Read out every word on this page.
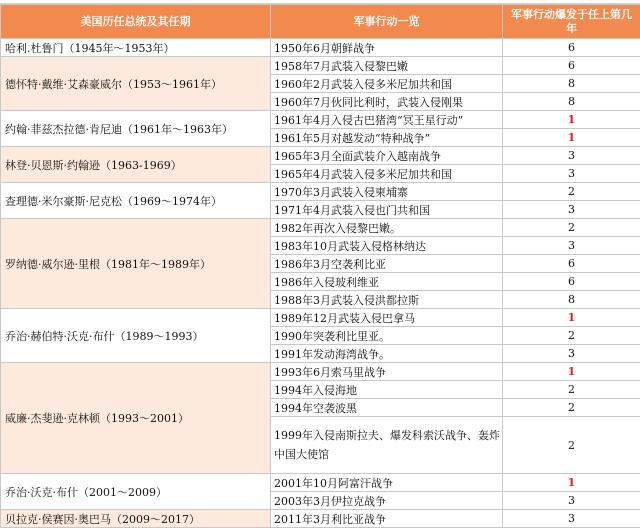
美国历任总统及其任期	军事行动一览	军事行动爆发于任上第几年
哈利.杜鲁门（1945年～1953年）	1950年6月朝鲜战争	6
德怀特·戴维·艾森豪威尔（1953～1961年）	1958年7月武装入侵黎巴嫩	6
	1960年2月武装入侵多米尼加共和国	8
	1960年7月伙同比利时，武装入侵刚果	8
约翰·菲兹杰拉德·肯尼迪（1961年～1963年）	1961年4月入侵古巴猪湾“冥王星行动”	1
	1961年5月对越发动“特种战争”	1
林登·贝恩斯·约翰逊（1963-1969）	1965年3月全面武装介入越南战争	3
	1965年4月武装入侵多米尼加共和国	3
查理德·米尔豪斯·尼克松（1969～1974年）	1970年3月武装入侵柬埔寨	2
	1971年4月武装入侵也门共和国	3
罗纳德·威尔逊·里根（1981年～1989年）	1982年再次入侵黎巴嫩。	2
	1983年10月武装入侵格林纳达	3
	1986年3月空袭利比亚	6
	1986年入侵玻利维亚	6
	1988年3月武装入侵洪都拉斯	8
乔治·赫伯特·沃克·布什（1989～1993）	1989年12月武装入侵巴拿马	1
	1990年突袭利比里亚。	2
	1991年发动海湾战争。	3
威廉·杰斐逊·克林顿（1993～2001）	1993年6月索马里战争	1
	1994年入侵海地	2
	1994年空袭波黑	2
	1999年入侵南斯拉夫、爆发科索沃战争、轰炸中国大使馆	2
乔治·沃克·布什（2001～2009）	2001年10月阿富汗战争	1
	2003年3月伊拉克战争	3
贝拉克·侯赛因·奥巴马（2009～2017）	2011年3月利比亚战争	3
